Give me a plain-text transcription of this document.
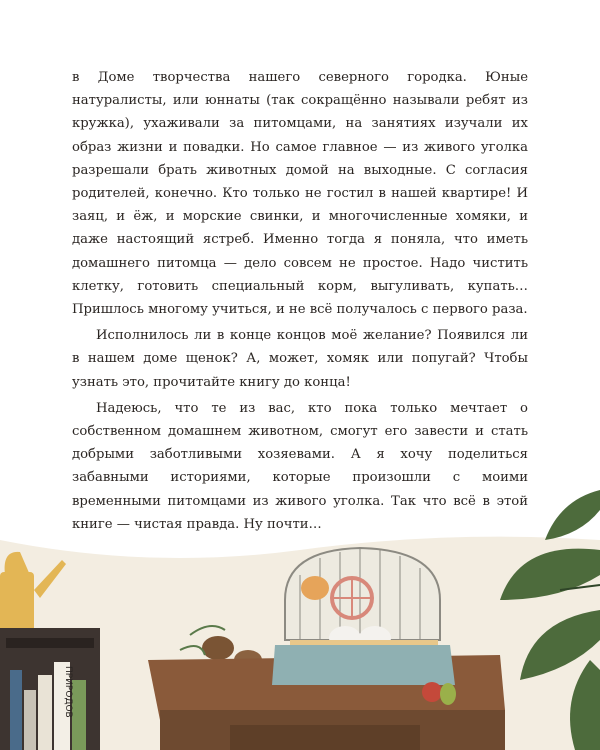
в Доме творчества нашего северного городка. Юные натуралисты, или юннаты (так сокращённо называли ребят из кружка), ухаживали за питомцами, на занятиях изучали их образ жизни и повадки. Но самое главное — из живого уголка разрешали брать животных домой на выходные. С согласия родителей, конечно. Кто только не гостил в нашей квартире! И заяц, и ёж, и морские свинки, и многочисленные хомяки, и даже настоящий ястреб. Именно тогда я поняла, что иметь домашнего питомца — дело совсем не простое. Надо чистить клетку, готовить специальный корм, выгуливать, купать… Пришлось многому учиться, и не всё получалось с первого раза.

Исполнилось ли в конце концов моё желание? Появился ли в нашем доме щенок? А, может, хомяк или попугай? Чтобы узнать это, прочитайте книгу до конца!

Надеюсь, что те из вас, кто пока только мечтает о собственном домашнем животном, смогут его завести и стать добрыми заботливыми хозяевами. А я хочу поделиться забавными историями, которые произошли с моими временными питомцами из живого уголка. Так что всё в этой книге — чистая правда. Ну почти…

ПРИРОДОВ
